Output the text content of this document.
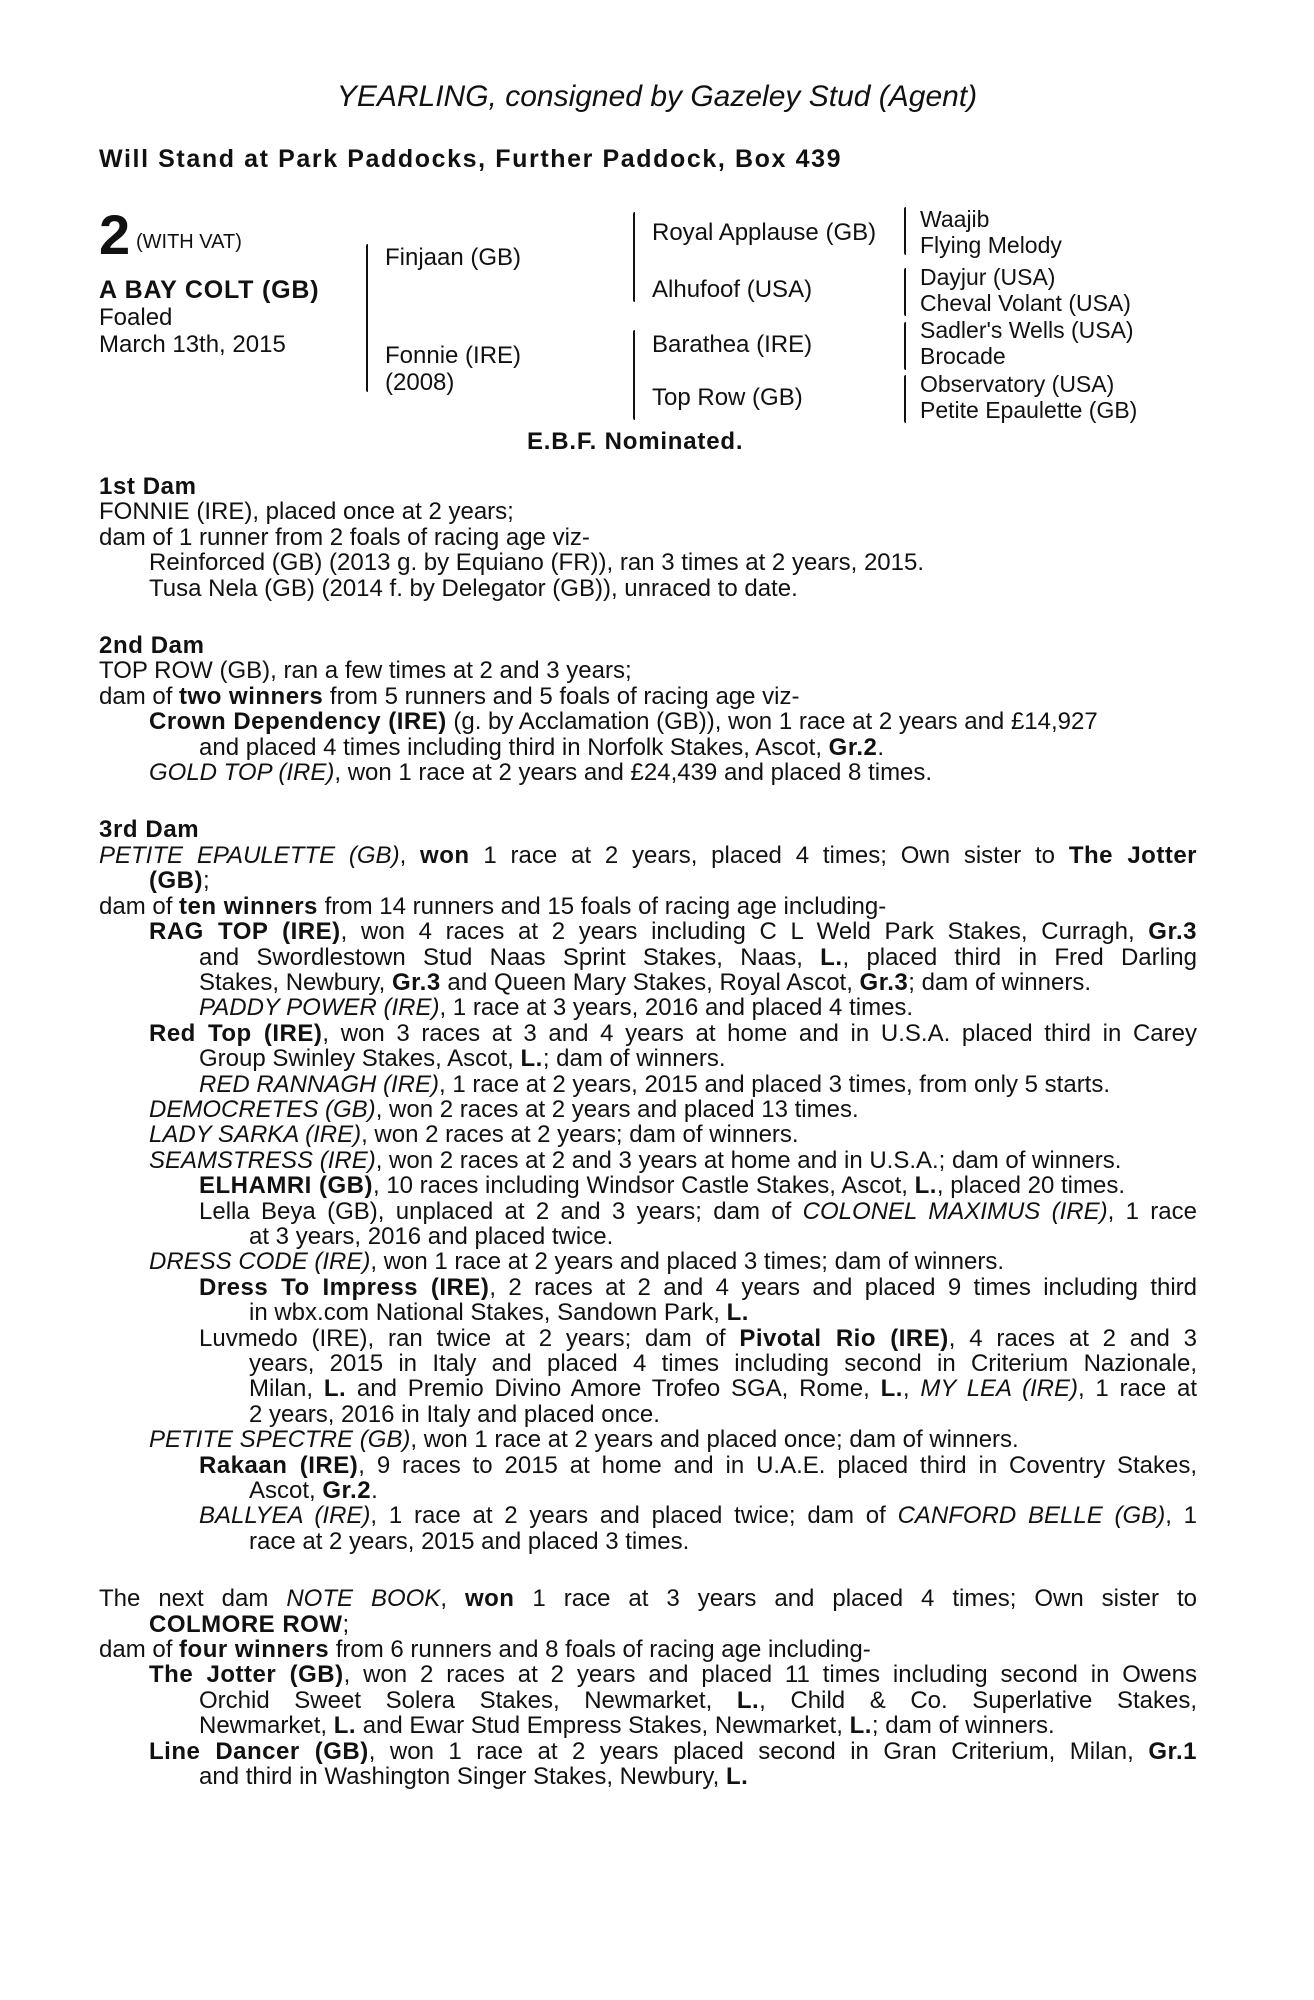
YEARLING, consigned by Gazeley Stud (Agent)
Will Stand at Park Paddocks, Further Paddock, Box 439
2 (WITH VAT)
A BAY COLT (GB)
Foaled
March 13th, 2015
Finjaan (GB)
Fonnie (IRE)
(2008)
Royal Applause (GB)
Alhufoof (USA)
Barathea (IRE)
Top Row (GB)
Waajib
Flying Melody
Dayjur (USA)
Cheval Volant (USA)
Sadler's Wells (USA)
Brocade
Observatory (USA)
Petite Epaulette (GB)
E.B.F. Nominated.
1st Dam
FONNIE (IRE), placed once at 2 years;
dam of 1 runner from 2 foals of racing age viz-
Reinforced (GB) (2013 g. by Equiano (FR)), ran 3 times at 2 years, 2015.
Tusa Nela (GB) (2014 f. by Delegator (GB)), unraced to date.
2nd Dam
TOP ROW (GB), ran a few times at 2 and 3 years;
dam of two winners from 5 runners and 5 foals of racing age viz-
Crown Dependency (IRE) (g. by Acclamation (GB)), won 1 race at 2 years and £14,927
and placed 4 times including third in Norfolk Stakes, Ascot, Gr.2.
GOLD TOP (IRE), won 1 race at 2 years and £24,439 and placed 8 times.
3rd Dam
PETITE EPAULETTE (GB), won 1 race at 2 years, placed 4 times; Own sister to The Jotter
(GB);
dam of ten winners from 14 runners and 15 foals of racing age including-
RAG TOP (IRE), won 4 races at 2 years including C L Weld Park Stakes, Curragh, Gr.3
and Swordlestown Stud Naas Sprint Stakes, Naas, L., placed third in Fred Darling
Stakes, Newbury, Gr.3 and Queen Mary Stakes, Royal Ascot, Gr.3; dam of winners.
PADDY POWER (IRE), 1 race at 3 years, 2016 and placed 4 times.
Red Top (IRE), won 3 races at 3 and 4 years at home and in U.S.A. placed third in Carey
Group Swinley Stakes, Ascot, L.; dam of winners.
RED RANNAGH (IRE), 1 race at 2 years, 2015 and placed 3 times, from only 5 starts.
DEMOCRETES (GB), won 2 races at 2 years and placed 13 times.
LADY SARKA (IRE), won 2 races at 2 years; dam of winners.
SEAMSTRESS (IRE), won 2 races at 2 and 3 years at home and in U.S.A.; dam of winners.
ELHAMRI (GB), 10 races including Windsor Castle Stakes, Ascot, L., placed 20 times.
Lella Beya (GB), unplaced at 2 and 3 years; dam of COLONEL MAXIMUS (IRE), 1 race
at 3 years, 2016 and placed twice.
DRESS CODE (IRE), won 1 race at 2 years and placed 3 times; dam of winners.
Dress To Impress (IRE), 2 races at 2 and 4 years and placed 9 times including third
in wbx.com National Stakes, Sandown Park, L.
Luvmedo (IRE), ran twice at 2 years; dam of Pivotal Rio (IRE), 4 races at 2 and 3
years, 2015 in Italy and placed 4 times including second in Criterium Nazionale,
Milan, L. and Premio Divino Amore Trofeo SGA, Rome, L., MY LEA (IRE), 1 race at
2 years, 2016 in Italy and placed once.
PETITE SPECTRE (GB), won 1 race at 2 years and placed once; dam of winners.
Rakaan (IRE), 9 races to 2015 at home and in U.A.E. placed third in Coventry Stakes,
Ascot, Gr.2.
BALLYEA (IRE), 1 race at 2 years and placed twice; dam of CANFORD BELLE (GB), 1
race at 2 years, 2015 and placed 3 times.
The next dam NOTE BOOK, won 1 race at 3 years and placed 4 times; Own sister to
COLMORE ROW;
dam of four winners from 6 runners and 8 foals of racing age including-
The Jotter (GB), won 2 races at 2 years and placed 11 times including second in Owens
Orchid Sweet Solera Stakes, Newmarket, L., Child & Co. Superlative Stakes,
Newmarket, L. and Ewar Stud Empress Stakes, Newmarket, L.; dam of winners.
Line Dancer (GB), won 1 race at 2 years placed second in Gran Criterium, Milan, Gr.1
and third in Washington Singer Stakes, Newbury, L.
